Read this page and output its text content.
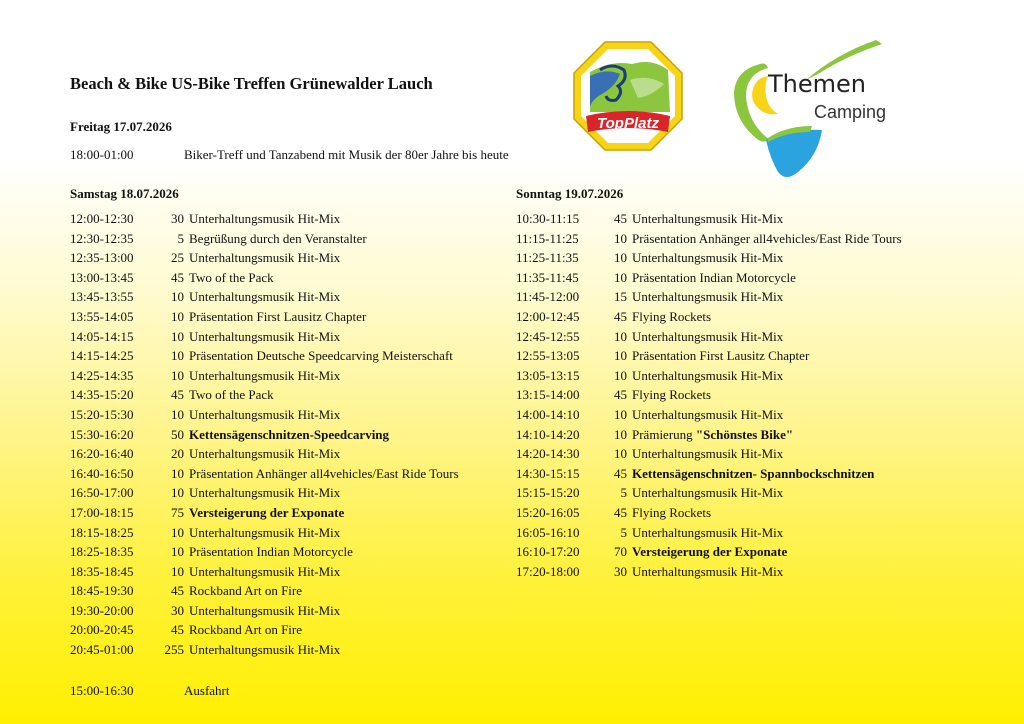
Beach & Bike US-Bike Treffen Grünewalder Lauch
TopPlatz
Themen
Camping
Freitag 17.07.2026
18:00-01:00	Biker-Treff und Tanzabend mit Musik der 80er Jahre bis heute
Samstag 18.07.2026
12:00-12:30	30 Unterhaltungsmusik Hit-Mix
12:30-12:35	5 Begrüßung durch den Veranstalter
12:35-13:00	25 Unterhaltungsmusik Hit-Mix
13:00-13:45	45 Two of the Pack
13:45-13:55	10 Unterhaltungsmusik Hit-Mix
13:55-14:05	10 Präsentation First Lausitz Chapter
14:05-14:15	10 Unterhaltungsmusik Hit-Mix
14:15-14:25	10 Präsentation Deutsche Speedcarving Meisterschaft
14:25-14:35	10 Unterhaltungsmusik Hit-Mix
14:35-15:20	45 Two of the Pack
15:20-15:30	10 Unterhaltungsmusik Hit-Mix
15:30-16:20	50 Kettensägenschnitzen-Speedcarving
16:20-16:40	20 Unterhaltungsmusik Hit-Mix
16:40-16:50	10 Präsentation Anhänger all4vehicles/East Ride Tours
16:50-17:00	10 Unterhaltungsmusik Hit-Mix
17:00-18:15	75 Versteigerung der Exponate
18:15-18:25	10 Unterhaltungsmusik Hit-Mix
18:25-18:35	10 Präsentation Indian Motorcycle
18:35-18:45	10 Unterhaltungsmusik Hit-Mix
18:45-19:30	45 Rockband Art on Fire
19:30-20:00	30 Unterhaltungsmusik Hit-Mix
20:00-20:45	45 Rockband Art on Fire
20:45-01:00 255 Unterhaltungsmusik Hit-Mix
Sonntag 19.07.2026
10:30-11:15	45 Unterhaltungsmusik Hit-Mix
11:15-11:25	10 Präsentation Anhänger all4vehicles/East Ride Tours
11:25-11:35	10 Unterhaltungsmusik Hit-Mix
11:35-11:45	10 Präsentation Indian Motorcycle
11:45-12:00	15 Unterhaltungsmusik Hit-Mix
12:00-12:45	45 Flying Rockets
12:45-12:55	10 Unterhaltungsmusik Hit-Mix
12:55-13:05	10 Präsentation First Lausitz Chapter
13:05-13:15	10 Unterhaltungsmusik Hit-Mix
13:15-14:00	45 Flying Rockets
14:00-14:10	10 Unterhaltungsmusik Hit-Mix
14:10-14:20	10 Prämierung "Schönstes Bike"
14:20-14:30	10 Unterhaltungsmusik Hit-Mix
14:30-15:15	45 Kettensägenschnitzen- Spannbockschnitzen
15:15-15:20	5 Unterhaltungsmusik Hit-Mix
15:20-16:05	45 Flying Rockets
16:05-16:10	5 Unterhaltungsmusik Hit-Mix
16:10-17:20	70 Versteigerung der Exponate
17:20-18:00	30 Unterhaltungsmusik Hit-Mix
15:00-16:30	Ausfahrt
